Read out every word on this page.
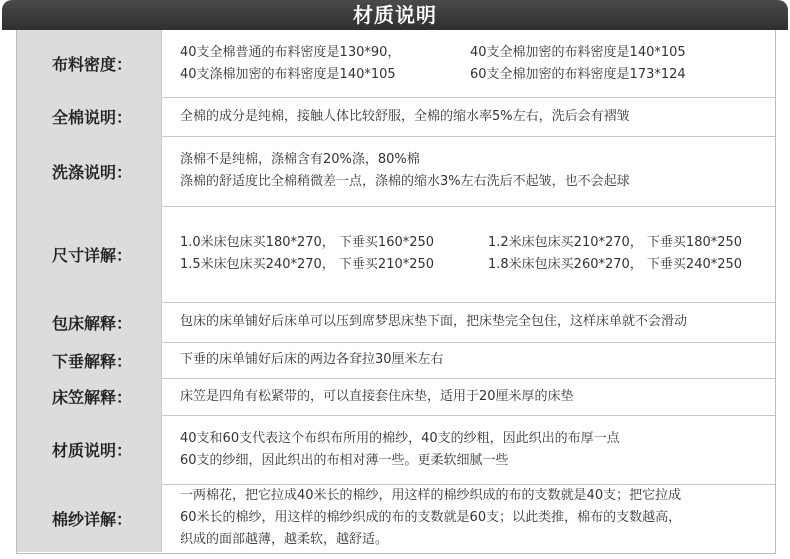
材质说明
布料密度：
40支全棉普通的布料密度是130*90，	40支全棉加密的布料密度是140*105
40支涤棉加密的布料密度是140*105	60支全棉加密的布料密度是173*124
全棉说明：	全棉的成分是纯棉，接触人体比较舒服，全棉的缩水率5%左右，洗后会有褶皱
洗涤说明：
涤棉不是纯棉，涤棉含有20%涤，80%棉
涤棉的舒适度比全棉稍微差一点，涤棉的缩水3%左右洗后不起皱，也不会起球
尺寸详解：
1.0米床包床买180*270， 下垂买160*250	1.2米床包床买210*270， 下垂买180*250
1.5米床包床买240*270， 下垂买210*250	1.8米床包床买260*270， 下垂买240*250
包床解释：	包床的床单铺好后床单可以压到席梦思床垫下面，把床垫完全包住，这样床单就不会滑动
下垂解释：	下垂的床单铺好后床的两边各耷拉30厘米左右
床笠解释：	床笠是四角有松紧带的，可以直接套住床垫，适用于20厘米厚的床垫
材质说明：
40支和60支代表这个布织布所用的棉纱，40支的纱粗，因此织出的布厚一点
60支的纱细，因此织出的布相对薄一些。更柔软细腻一些
棉纱详解：
一两棉花，把它拉成40米长的棉纱，用这样的棉纱织成的布的支数就是40支；把它拉成
60米长的棉纱，用这样的棉纱织成的布的支数就是60支；以此类推，棉布的支数越高，
织成的面部越薄，越柔软，越舒适。
